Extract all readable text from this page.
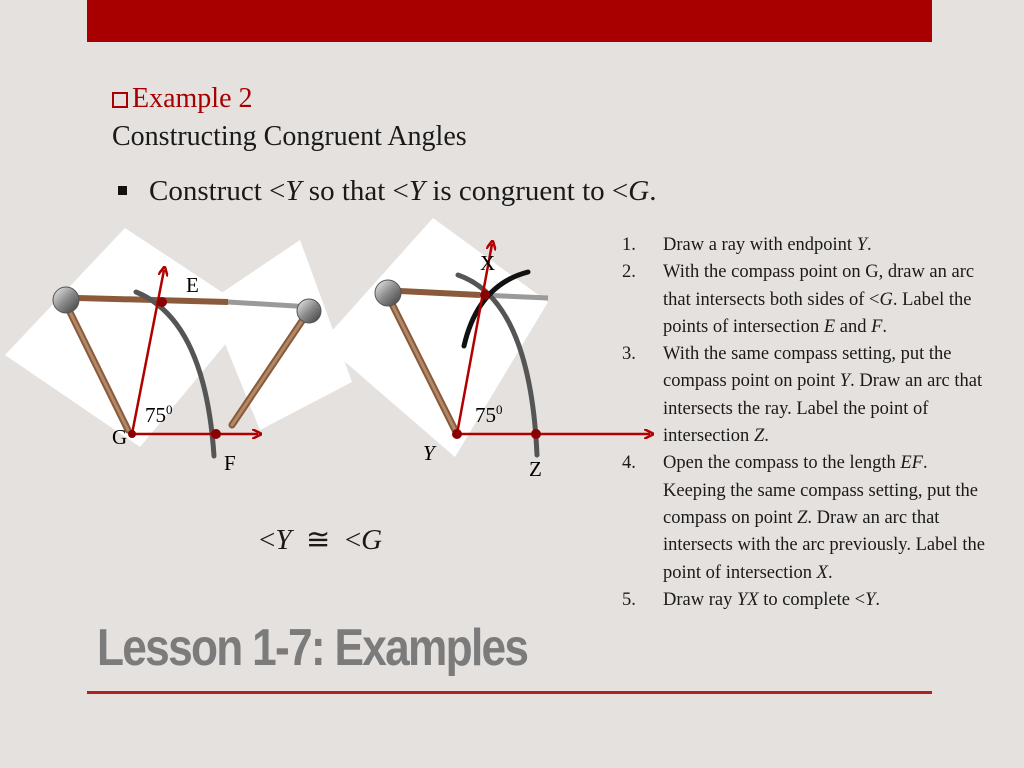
Example 2
Constructing Congruent Angles
Construct <Y so that <Y is congruent to <G.
E
G
F
$75^0$
X
Y
Z
$75^0$
1. Draw a ray with endpoint Y.
2. With the compass point on G, draw an arc that intersects both sides of <G. Label the points of intersection E and F.
3. With the same compass setting, put the compass point on point Y. Draw an arc that intersects the ray. Label the point of intersection Z.
4. Open the compass to the length EF. Keeping the same compass setting, put the compass on point Z. Draw an arc that intersects with the arc previously. Label the point of intersection X.
5. Draw ray YX to complete <Y.
<Y ≅ <G
Lesson 1-7: Examples
